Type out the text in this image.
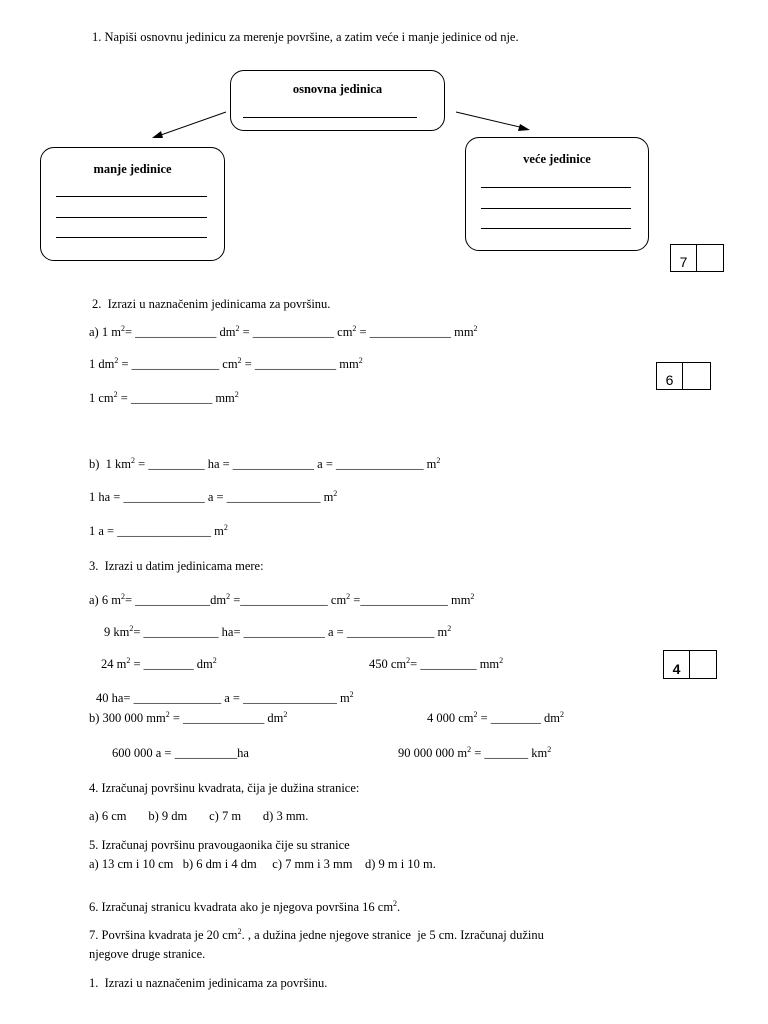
1. Napiši osnovnu jedinicu za merenje površine, a zatim veće i manje jedinice od nje.
osnovna jedinica
manje jedinice
veće jedinice
7
2.  Izrazi u naznačenim jedinicama za površinu.
a) 1 $m^2=$ _____________ $dm^2$ = _____________ $cm^2$ = _____________ $mm^2$
1 $dm^2$ = ______________ $cm^2$ = _____________ $mm^2$
6
1 $cm^2$ = _____________ $mm^2$
b)  1 $km^2$ = _________ ha = _____________ a = ______________ $m^2$
1 ha = _____________ a = _______________ $m^2$
1 a = _______________ $m^2$
3.  Izrazi u datim jedinicama mere:
a) 6 $m^2=$ $\_\_\_\_\_\_\_\_\_\_\_\_dm^2$ =______________ $cm^2$ =______________ $mm^2$
9 $km^2=$ ____________ ha= _____________ a = ______________ $m^2$
24 $m^2$ = ________ $dm^2$	450 $cm^2=$ _________ $mm^2$
4
40 ha= ______________ a = _______________ $m^2$
b) 300 000 $mm^2$ = _____________ $dm^2$	4 000 $cm^2$ = ________ $dm^2$
600 000 a = __________ha	90 000 000 $m^2$ = _______ $km^2$
4. Izračunaj površinu kvadrata, čija je dužina stranice:
a) 6 cm       b) 9 dm       c) 7 m       d) 3 mm.
5. Izračunaj površinu pravougaonika čije su stranice
a) 13 cm i 10 cm   b) 6 dm i 4 dm     c) 7 mm i 3 mm    d) 9 m i 10 m.
6. Izračunaj stranicu kvadrata ako je njegova površina 16 $cm^2$.
7. Površina kvadrata je 20 $cm^2$. , a dužina jedne njegove stranice  je 5 cm. Izračunaj dužinu
njegove druge stranice.
1.  Izrazi u naznačenim jedinicama za površinu.
